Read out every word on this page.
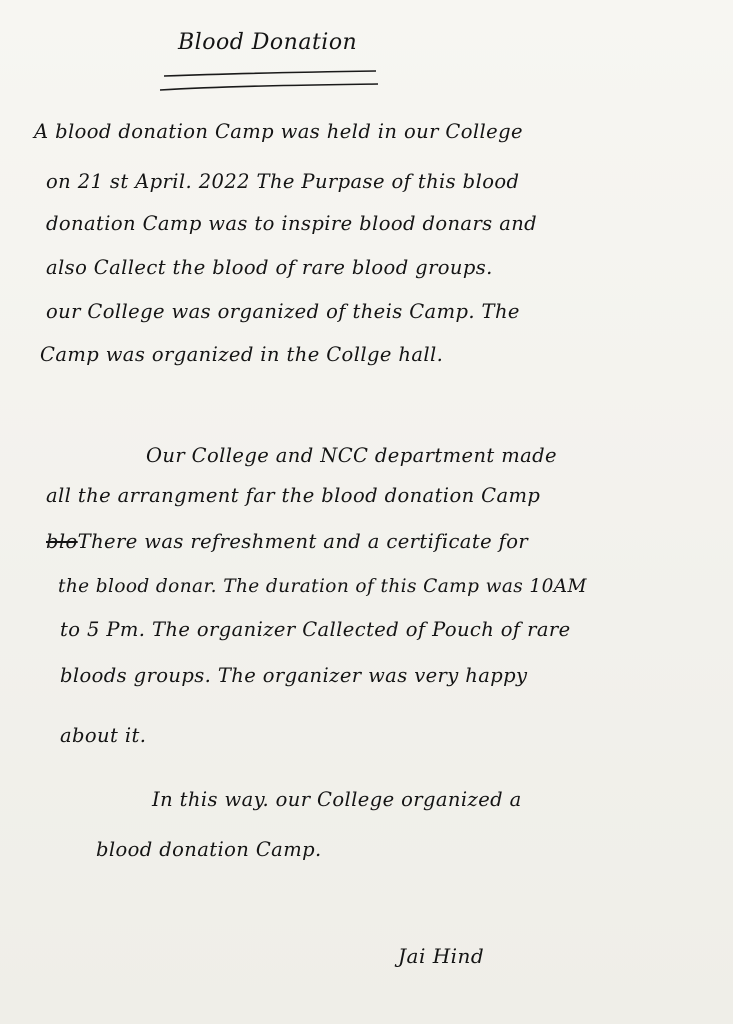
Blood Donation
A blood donation Camp was held in our College
on 21 st April. 2022 The Purpase of this blood
donation Camp was to inspire blood donars and
also Callect the blood of rare blood groups.
our College was organized of theis Camp. The
Camp was organized in the Collge hall.
Our College and NCC department made
all the arrangment far the blood donation Camp
bloThere was refreshment and a certificate for
the blood donar. The duration of this Camp was 10AM
to 5 Pm. The organizer Callected of Pouch of rare
bloods groups. The organizer was very happy
about it.
In this way. our College organized a
blood donation Camp.
Jai Hind
